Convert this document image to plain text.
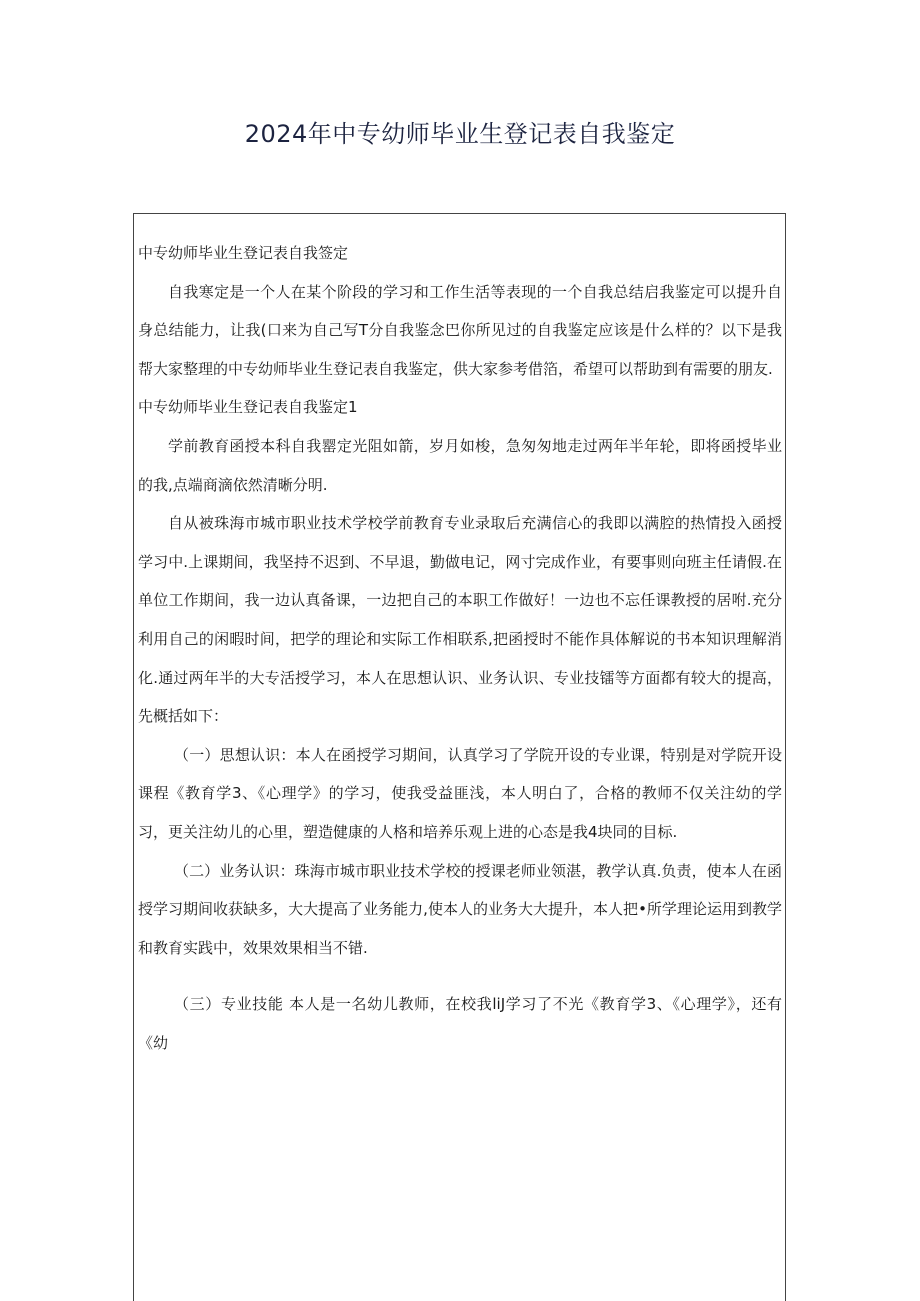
2024年中专幼师毕业生登记表自我鉴定

中专幼师毕业生登记表自我签定

自我寒定是一个人在某个阶段的学习和工作生活等表现的一个自我总结启我鉴定可以提升自身总结能力，让我(口来为自己写T分自我鉴念巴你所见过的自我鉴定应该是什么样的？以下是我帮大家整理的中专幼师毕业生登记表自我鉴定，供大家参考借箔，希望可以帮助到有需要的朋友.

中专幼师毕业生登记表自我鉴定1

学前教育函授本科自我罂定光阻如箭，岁月如梭，急匆匆地走过两年半年轮，即将函授毕业的我,点端商滴依然清晰分明.

自从被珠海市城市职业技术学校学前教育专业录取后充满信心的我即以满腔的热情投入函授学习中.上课期间，我坚持不迟到、不早退，勤做电记，网寸完成作业，有要事则向班主任请假.在单位工作期间，我一边认真备课，一边把自己的本职工作做好！一边也不忘任课教授的居咐.充分利用自己的闲暇时间，把学的理论和实际工作相联系,把函授时不能作具体解说的书本知识理解消化.通过两年半的大专活授学习，本人在思想认识、业务认识、专业技镭等方面都有较大的提高，先概括如下：

（一）思想认识：本人在函授学习期间，认真学习了学院开设的专业课，特别是对学院开设课程《教育学3、《心理学》的学习，使我受益匪浅，本人明白了，合格的教师不仅关注幼的学习，更关注幼儿的心里，塑造健康的人格和培养乐观上进的心态是我4块同的目标.

（二）业务认识：珠海市城市职业技术学校的授课老师业领湛，教学认真.负责，使本人在函授学习期间收获缺多，大大提高了业务能力,使本人的业务大大提升，本人把•所学理论运用到教学和教育实践中，效果效果相当不错.

（三）专业技能 本人是一名幼儿教师，在校我liJ学习了不光《教育学3、《心理学》，还有《幼
